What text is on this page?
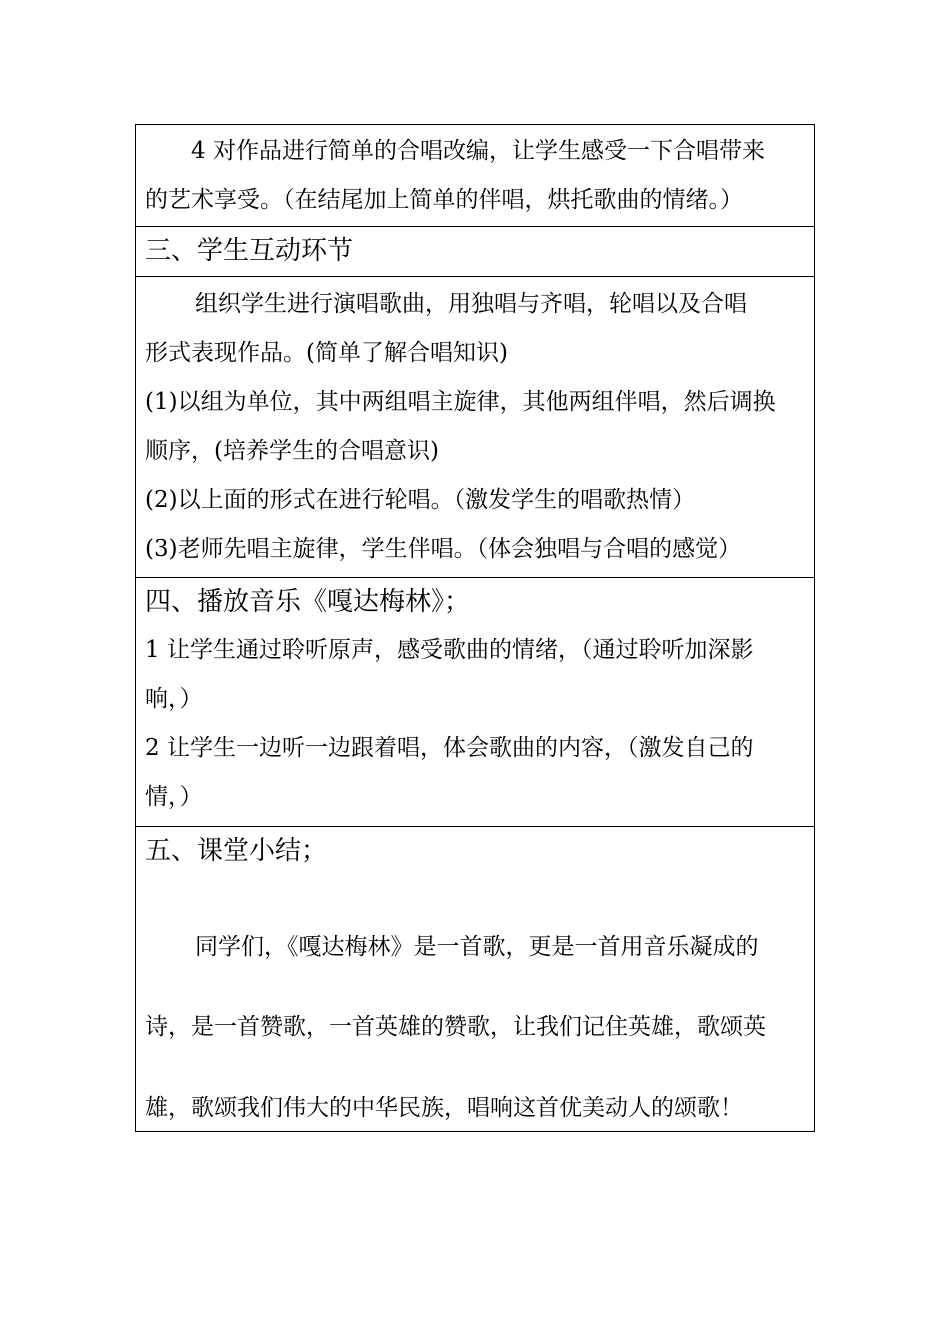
4 对作品进行简单的合唱改编，让学生感受一下合唱带来
的艺术享受。（在结尾加上简单的伴唱，烘托歌曲的情绪。）
三、学生互动环节
组织学生进行演唱歌曲，用独唱与齐唱，轮唱以及合唱
形式表现作品。(简单了解合唱知识)
(1)以组为单位，其中两组唱主旋律，其他两组伴唱，然后调换
顺序，(培养学生的合唱意识)
(2)以上面的形式在进行轮唱。（激发学生的唱歌热情）
(3)老师先唱主旋律，学生伴唱。（体会独唱与合唱的感觉）
四、播放音乐《嘎达梅林》；
1 让学生通过聆听原声，感受歌曲的情绪，（通过聆听加深影
响，）
2 让学生一边听一边跟着唱，体会歌曲的内容，（激发自己的
情，）
五、课堂小结；
同学们，《嘎达梅林》是一首歌，更是一首用音乐凝成的
诗，是一首赞歌，一首英雄的赞歌，让我们记住英雄，歌颂英
雄，歌颂我们伟大的中华民族，唱响这首优美动人的颂歌！
